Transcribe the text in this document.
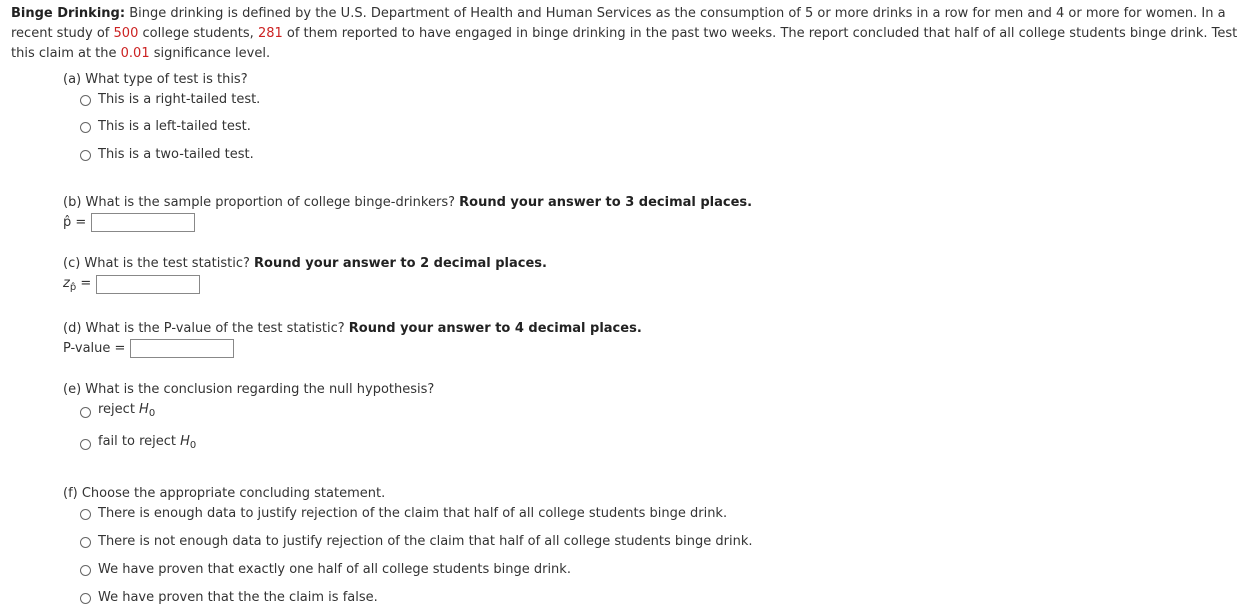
Binge Drinking: Binge drinking is defined by the U.S. Department of Health and Human Services as the consumption of 5 or more drinks in a row for men and 4 or more for women. In a recent study of 500 college students, 281 of them reported to have engaged in binge drinking in the past two weeks. The report concluded that half of all college students binge drink. Test this claim at the 0.01 significance level.

(a) What type of test is this?
This is a right-tailed test.
This is a left-tailed test.
This is a two-tailed test.
(b) What is the sample proportion of college binge-drinkers? Round your answer to 3 decimal places.
p̂ =
(c) What is the test statistic? Round your answer to 2 decimal places.
$z_{p̂}$ =
(d) What is the P-value of the test statistic? Round your answer to 4 decimal places.
P-value =
(e) What is the conclusion regarding the null hypothesis?
reject $H_0$
fail to reject $H_0$
(f) Choose the appropriate concluding statement.
There is enough data to justify rejection of the claim that half of all college students binge drink.
There is not enough data to justify rejection of the claim that half of all college students binge drink.
We have proven that exactly one half of all college students binge drink.
We have proven that the the claim is false.
